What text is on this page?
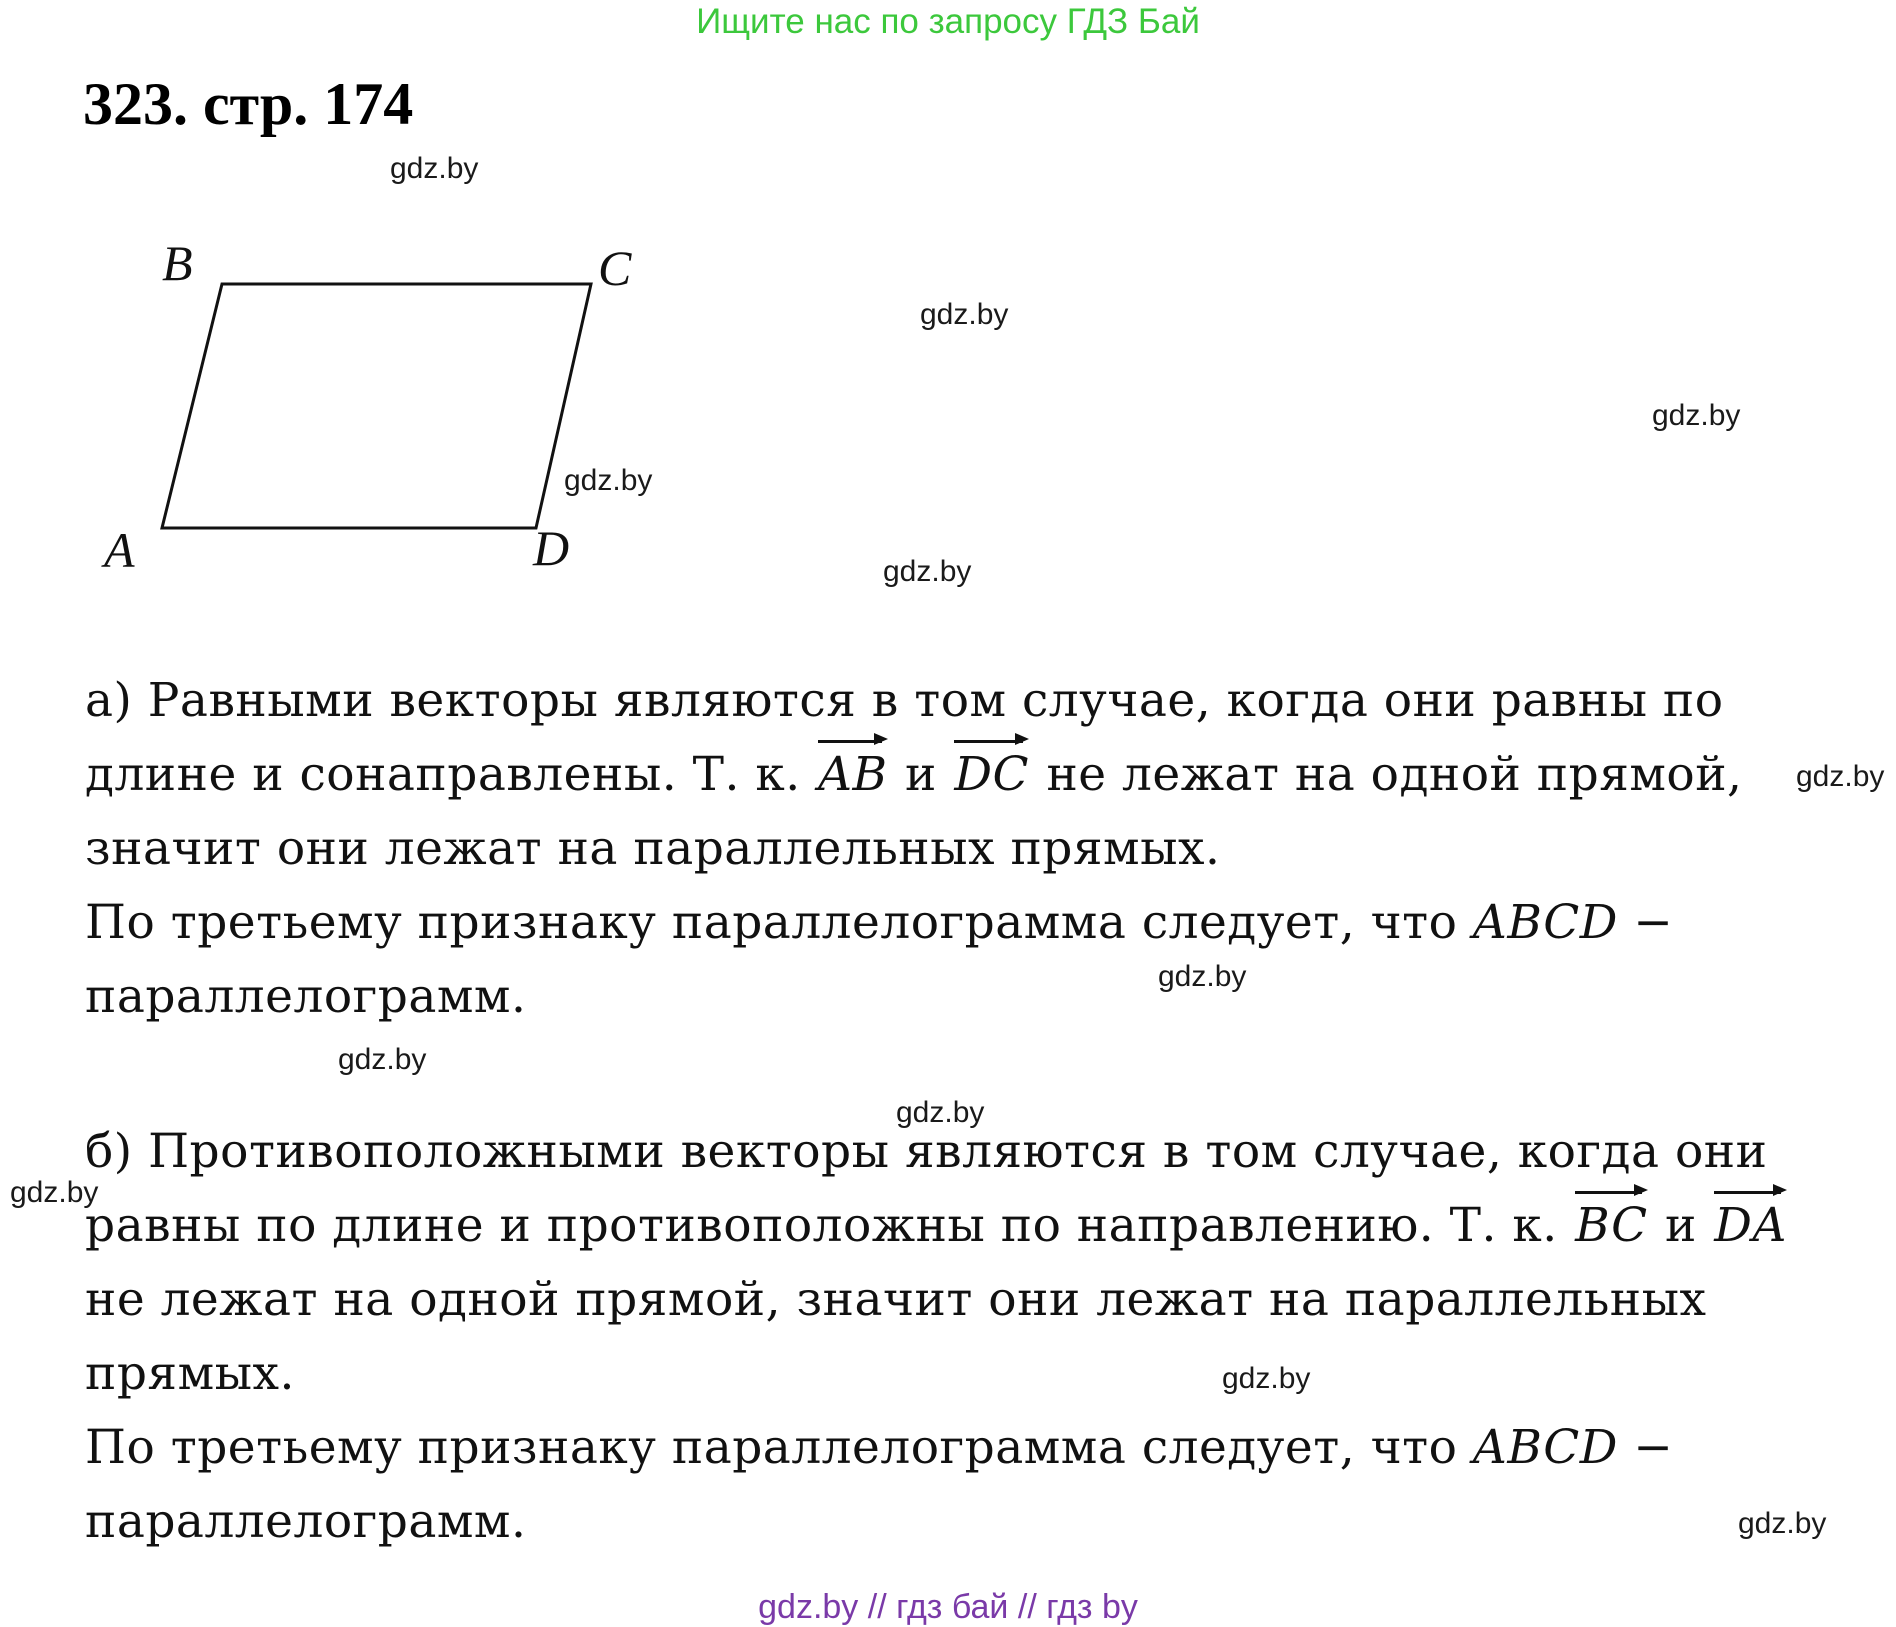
Ищите нас по запросу ГДЗ Бай
323. стр. 174
B	C
A	D
gdz.by
gdz.by
gdz.by
gdz.by
gdz.by
gdz.by
gdz.by
gdz.by
gdz.by
gdz.by
gdz.by
gdz.by
а) Равными векторы являются в том случае, когда они равны по
длине и сонаправлены. Т. к. AB и DC не лежат на одной прямой,
значит они лежат на параллельных прямых.
По третьему признаку параллелограмма следует, что ABCD −
параллелограмм.
б) Противоположными векторы являются в том случае, когда они
равны по длине и противоположны по направлению. Т. к. BC и DA
не лежат на одной прямой, значит они лежат на параллельных
прямых.
По третьему признаку параллелограмма следует, что ABCD −
параллелограмм.
gdz.by // гдз бай // гдз by
